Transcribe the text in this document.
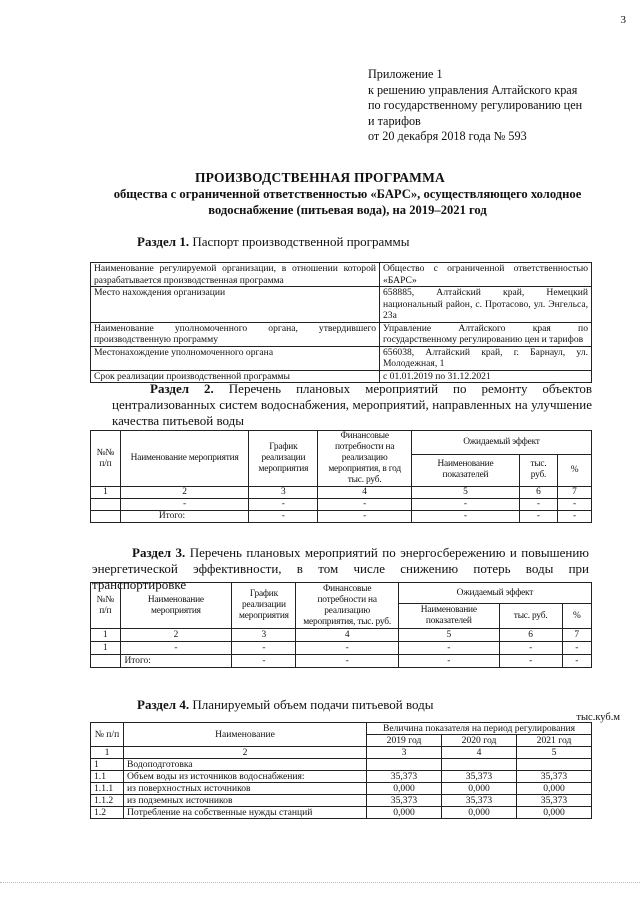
3
Приложение 1
к решению управления Алтайского края
по государственному регулированию цен
и тарифов
от 20 декабря 2018 года № 593
ПРОИЗВОДСТВЕННАЯ ПРОГРАММА
общества с ограниченной ответственностью «БАРС», осуществляющего холодное водоснабжение (питьевая вода), на 2019–2021 год
Раздел 1. Паспорт производственной программы
Наименование регулируемой организации, в отношении которой разрабатывается производственная программа	Общество с ограниченной ответственностью «БАРС»
Место нахождения организации	658885, Алтайский край, Немецкий национальный район, с. Протасово, ул. Энгельса, 23а
Наименование уполномоченного органа, утвердившего производственную программу	Управление Алтайского края по государственному регулированию цен и тарифов
Местонахождение уполномоченного органа	656038, Алтайский край, г. Барнаул, ул. Молодежная, 1
Срок реализации производственной программы	с 01.01.2019 по 31.12.2021
Раздел 2. Перечень плановых мероприятий по ремонту объектов централизованных систем водоснабжения, мероприятий, направленных на улучшение качества питьевой воды
№№ п/п	Наименование мероприятия	График реализации мероприятия	Финансовые потребности на реализацию мероприятия, в год тыс. руб.	Ожидаемый эффект		
				Наименование показателей	тыс. руб.	%
1	2	3	4	5	6	7
	-	-	-	-	-	-
	Итого:	-	-	-	-	-
Раздел 3. Перечень плановых мероприятий по энергосбережению и повышению энергетической эффективности, в том числе снижению потерь воды при транспортировке
№№ п/п	Наименование мероприятия	График реализации мероприятия	Финансовые потребности на реализацию мероприятия, тыс. руб.	Ожидаемый эффект		
				Наименование показателей	тыс. руб.	%
1	2	3	4	5	6	7
1	-	-	-	-	-	-
	Итого:	-	-	-	-	-
Раздел 4. Планируемый объем подачи питьевой воды
тыс.куб.м
№ п/п	Наименование	Величина показателя на период регулирования		
		2019 год	2020 год	2021 год
1	2	3	4	5
1	Водоподготовка			
1.1	Объем воды из источников водоснабжения:	35,373	35,373	35,373
1.1.1	из поверхностных источников	0,000	0,000	0,000
1.1.2	из подземных источников	35,373	35,373	35,373
1.2	Потребление на собственные нужды станций	0,000	0,000	0,000
